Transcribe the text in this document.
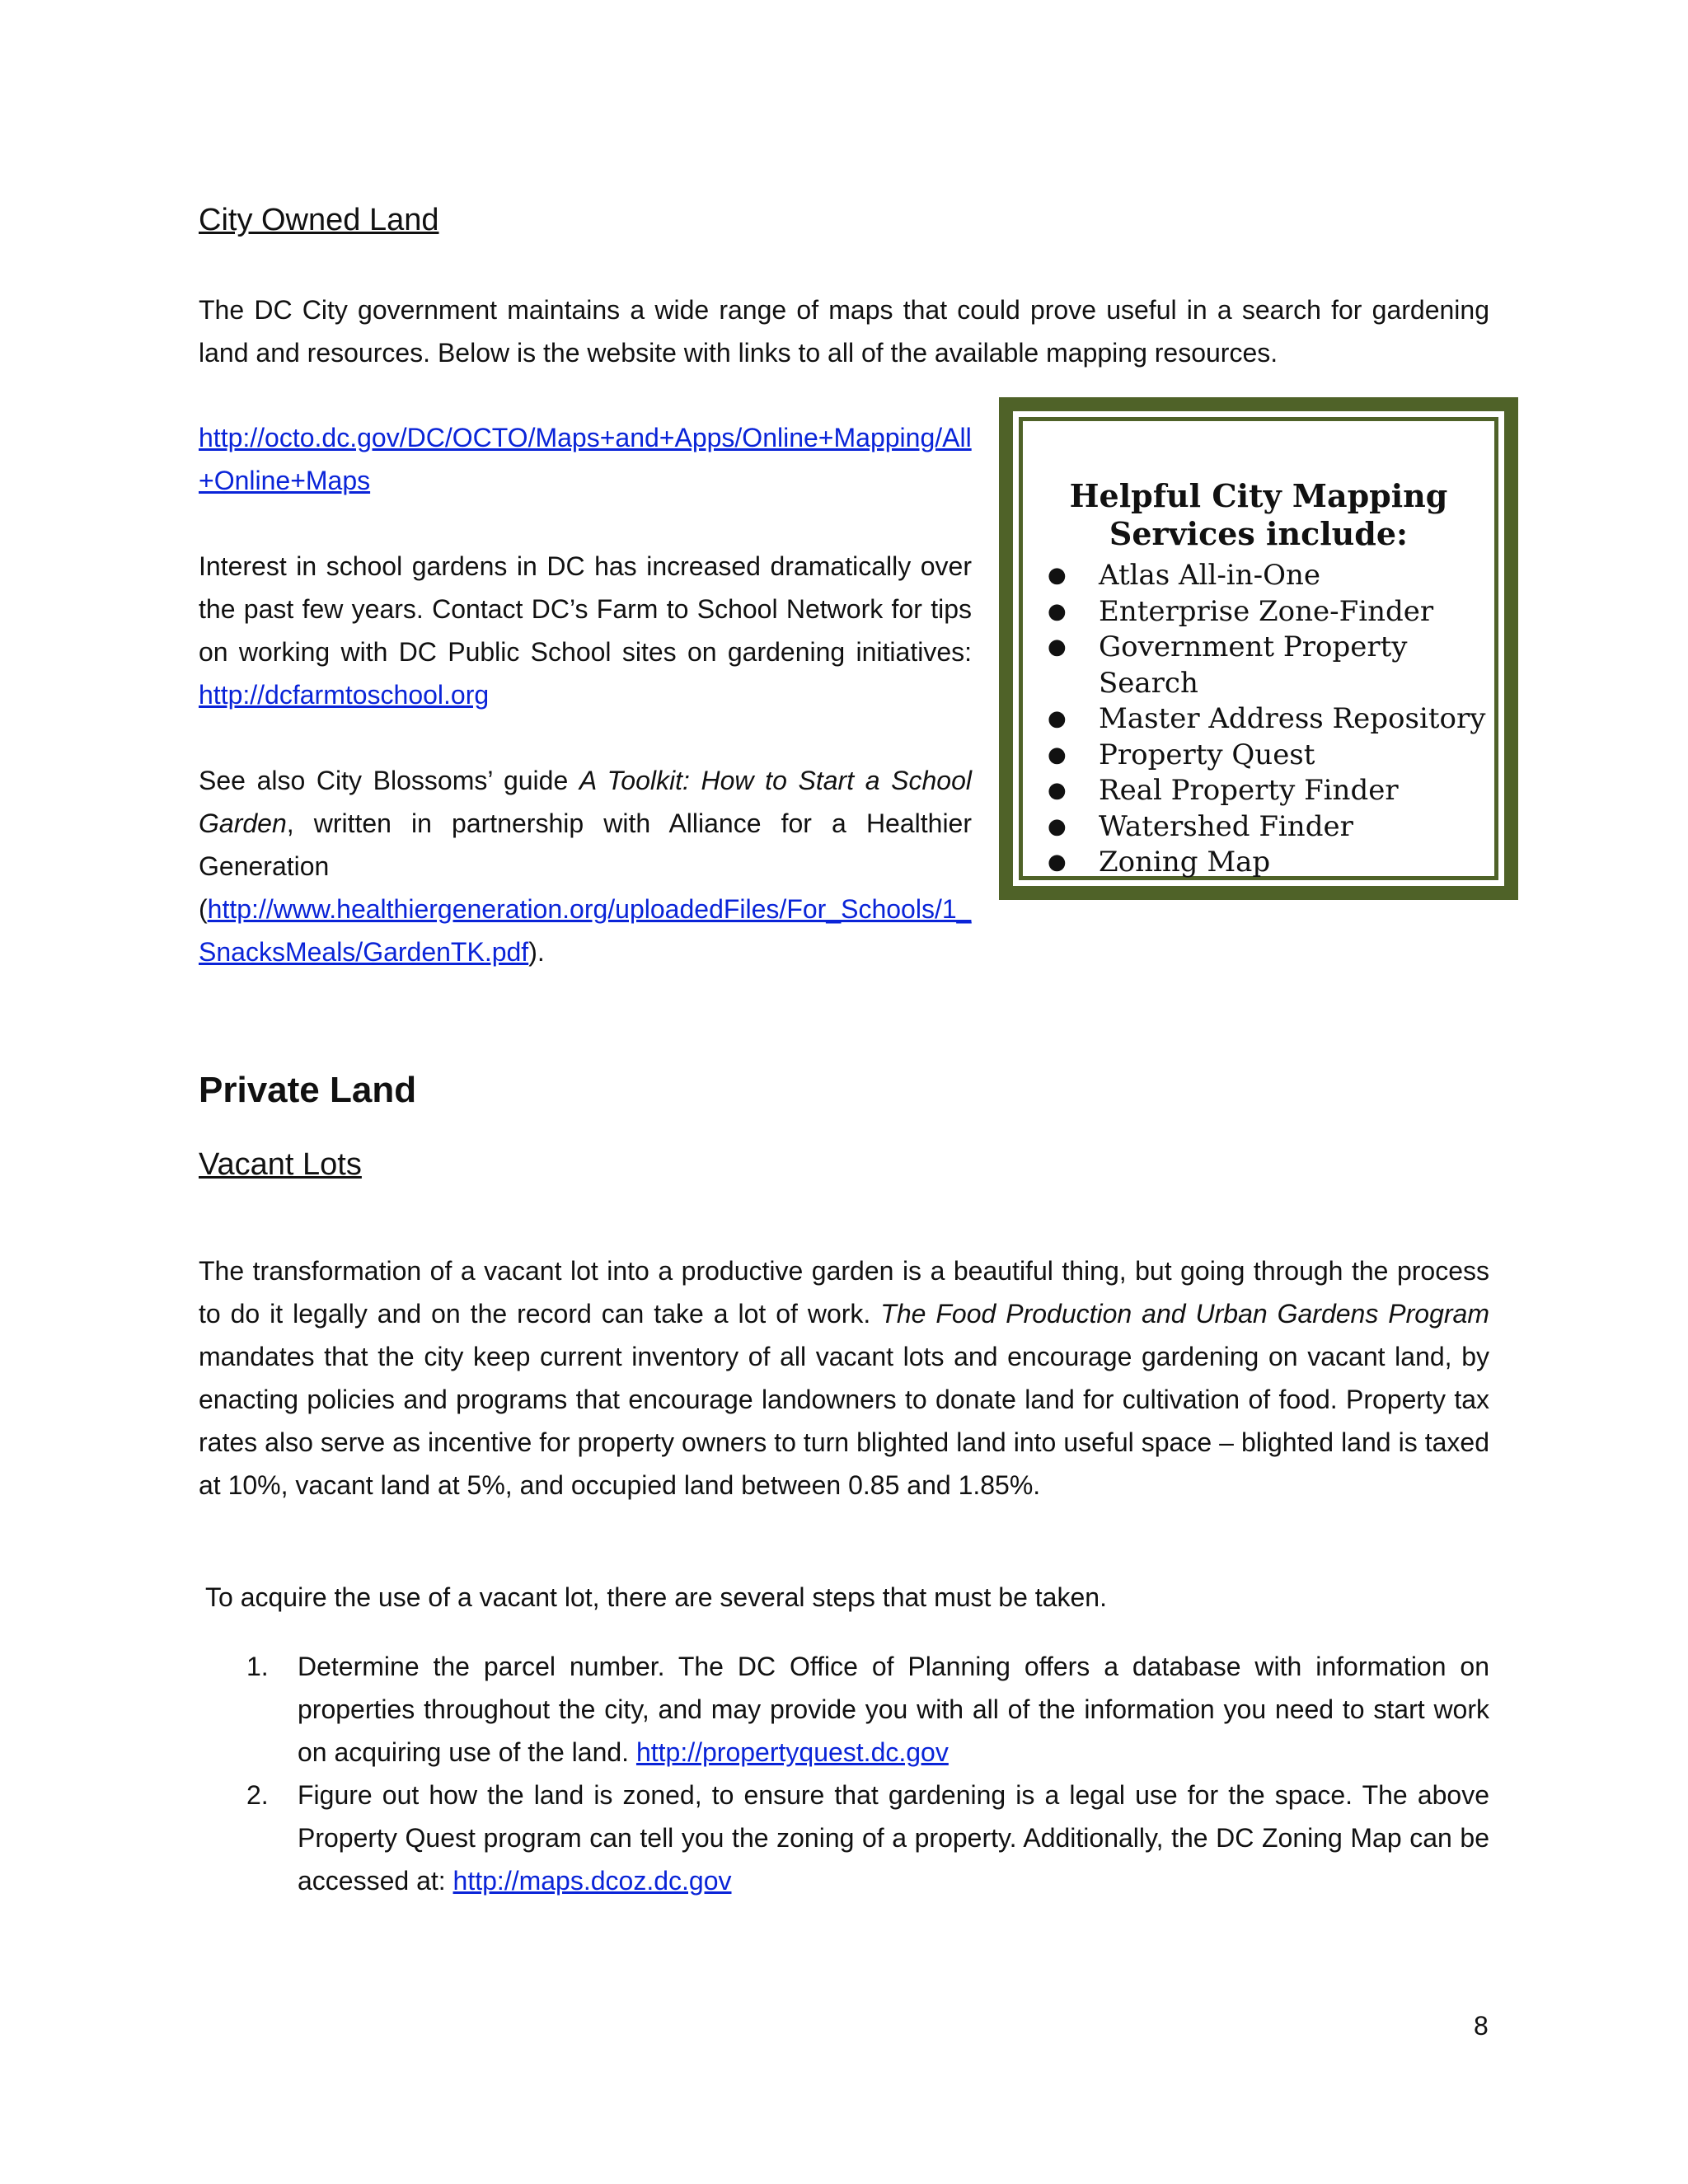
City Owned Land

The DC City government maintains a wide range of maps that could prove useful in a search for gardening land and resources. Below is the website with links to all of the available mapping resources.

http://octo.dc.gov/DC/OCTO/Maps+and+Apps/Online+Mapping/All+Online+Maps

Interest in school gardens in DC has increased dramatically over the past few years. Contact DC’s Farm to School Network for tips on working with DC Public School sites on gardening initiatives: http://dcfarmtoschool.org

See also City Blossoms’ guide A Toolkit: How to Start a School Garden, written in partnership with Alliance for a Healthier Generation
(http://www.healthiergeneration.org/uploadedFiles/For_Schools/1_SnacksMeals/GardenTK.pdf).

Helpful City Mapping Services include:
● Atlas All-in-One
● Enterprise Zone-Finder
● Government Property Search
● Master Address Repository
● Property Quest
● Real Property Finder
● Watershed Finder
● Zoning Map
Private Land
Vacant Lots

The transformation of a vacant lot into a productive garden is a beautiful thing, but going through the process to do it legally and on the record can take a lot of work. The Food Production and Urban Gardens Program mandates that the city keep current inventory of all vacant lots and encourage gardening on vacant land, by enacting policies and programs that encourage landowners to donate land for cultivation of food. Property tax rates also serve as incentive for property owners to turn blighted land into useful space – blighted land is taxed at 10%, vacant land at 5%, and occupied land between 0.85 and 1.85%.

To acquire the use of a vacant lot, there are several steps that must be taken.

1. Determine the parcel number. The DC Office of Planning offers a database with information on properties throughout the city, and may provide you with all of the information you need to start work on acquiring use of the land. http://propertyquest.dc.gov
2. Figure out how the land is zoned, to ensure that gardening is a legal use for the space. The above Property Quest program can tell you the zoning of a property. Additionally, the DC Zoning Map can be accessed at: http://maps.dcoz.dc.gov
8
